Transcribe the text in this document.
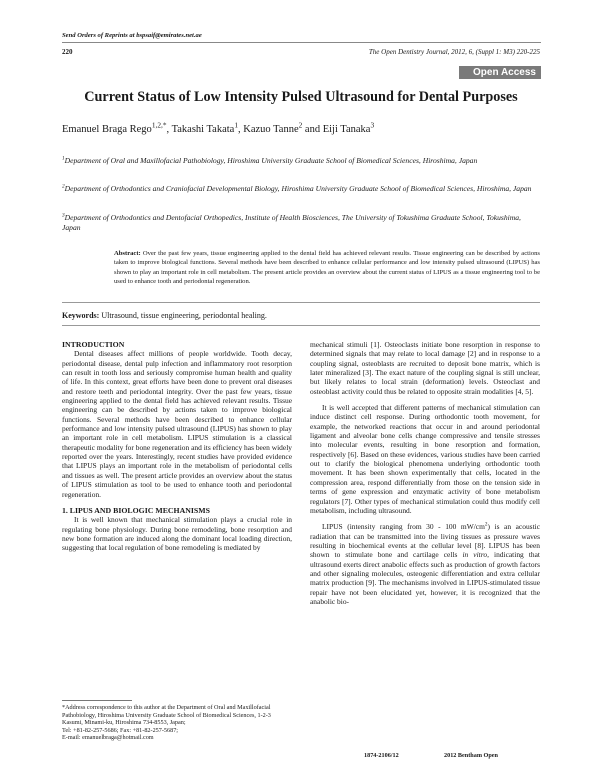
Send Orders of Reprints at bspsaif@emirates.net.ae
220	The Open Dentistry Journal, 2012, 6, (Suppl 1: M3) 220-225
Open Access
Current Status of Low Intensity Pulsed Ultrasound for Dental Purposes
Emanuel Braga Rego$^{1,2,*}$, Takashi Takata$^1$, Kazuo Tanne$^2$ and Eiji Tanaka$^3$
$^1$Department of Oral and Maxillofacial Pathobiology, Hiroshima University Graduate School of Biomedical Sciences, Hiroshima, Japan
$^2$Department of Orthodontics and Craniofacial Developmental Biology, Hiroshima University Graduate School of Biomedical Sciences, Hiroshima, Japan
$^3$Department of Orthodontics and Dentofacial Orthopedics, Institute of Health Biosciences, The University of Tokushima Graduate School, Tokushima, Japan
Abstract: Over the past few years, tissue engineering applied to the dental field has achieved relevant results. Tissue engineering can be described by actions taken to improve biological functions. Several methods have been described to enhance cellular performance and low intensity pulsed ultrasound (LIPUS) has shown to play an important role in cell metabolism. The present article provides an overview about the current status of LIPUS as a tissue engineering tool to be used to enhance tooth and periodontal regeneration.
Keywords: Ultrasound, tissue engineering, periodontal healing.

INTRODUCTION

Dental diseases affect millions of people worldwide. Tooth decay, periodontal disease, dental pulp infection and inflammatory root resorption can result in tooth loss and seriously compromise human health and quality of life. In this context, great efforts have been done to prevent oral diseases and restore teeth and periodontal integrity. Over the past few years, tissue engineering applied to the dental field has achieved relevant results. Tissue engineering can be described by actions taken to improve biological functions. Several methods have been described to enhance cellular performance and low intensity pulsed ultrasound (LIPUS) has shown to play an important role in cell metabolism. LIPUS stimulation is a classical therapeutic modality for bone regeneration and its efficiency has been widely reported over the years. Interestingly, recent studies have provided evidence that LIPUS plays an important role in the metabolism of periodontal cells and tissues as well. The present article provides an overview about the status of LIPUS stimulation as tool to be used to enhance tooth and periodontal regeneration.

1. LIPUS AND BIOLOGIC MECHANISMS

It is well known that mechanical stimulation plays a crucial role in regulating bone physiology. During bone remodeling, bone resorption and new bone formation are induced along the dominant local loading direction, suggesting that local regulation of bone remodeling is mediated by

mechanical stimuli [1]. Osteoclasts initiate bone resorption in response to determined signals that may relate to local damage [2] and in response to a coupling signal, osteoblasts are recruited to deposit bone matrix, which is later mineralized [3]. The exact nature of the coupling signal is still unclear, but likely relates to local strain (deformation) levels. Osteoclast and osteoblast activity could thus be related to opposite strain modalities [4, 5].

It is well accepted that different patterns of mechanical stimulation can induce distinct cell response. During orthodontic tooth movement, for example, the networked reactions that occur in and around periodontal ligament and alveolar bone cells change compressive and tensile stresses into molecular events, resulting in bone resorption and formation, respectively [6]. Based on these evidences, various studies have been carried out to clarify the biological phenomena underlying orthodontic tooth movement. It has been shown experimentally that cells, located in the compression area, respond differentially from those on the tension side in terms of gene expression and enzymatic activity of bone metabolism regulators [7]. Other types of mechanical stimulation could thus modify cell metabolism, including ultrasound.

LIPUS (intensity ranging from 30 - 100 $mW/cm^2$) is an acoustic radiation that can be transmitted into the living tissues as pressure waves resulting in biochemical events at the cellular level [8]. LIPUS has been shown to stimulate bone and cartilage cells in vitro, indicating that ultrasound exerts direct anabolic effects such as production of growth factors and other signaling molecules, osteogenic differentiation and extra cellular matrix production [9]. The mechanisms involved in LIPUS-stimulated tissue repair have not been elucidated yet, however, it is recognized that the anabolic bio-

*Address correspondence to this author at the Department of Oral and Maxillofacial Pathobiology, Hiroshima University Graduate School of Biomedical Sciences, 1-2-3 Kasumi, Minami-ku, Hiroshima 734-8553, Japan;
Tel: +81-82-257-5686; Fax: +81-82-257-5687;
E-mail: emanuelbraga@hotmail.com
1874-2106/12	2012 Bentham Open
